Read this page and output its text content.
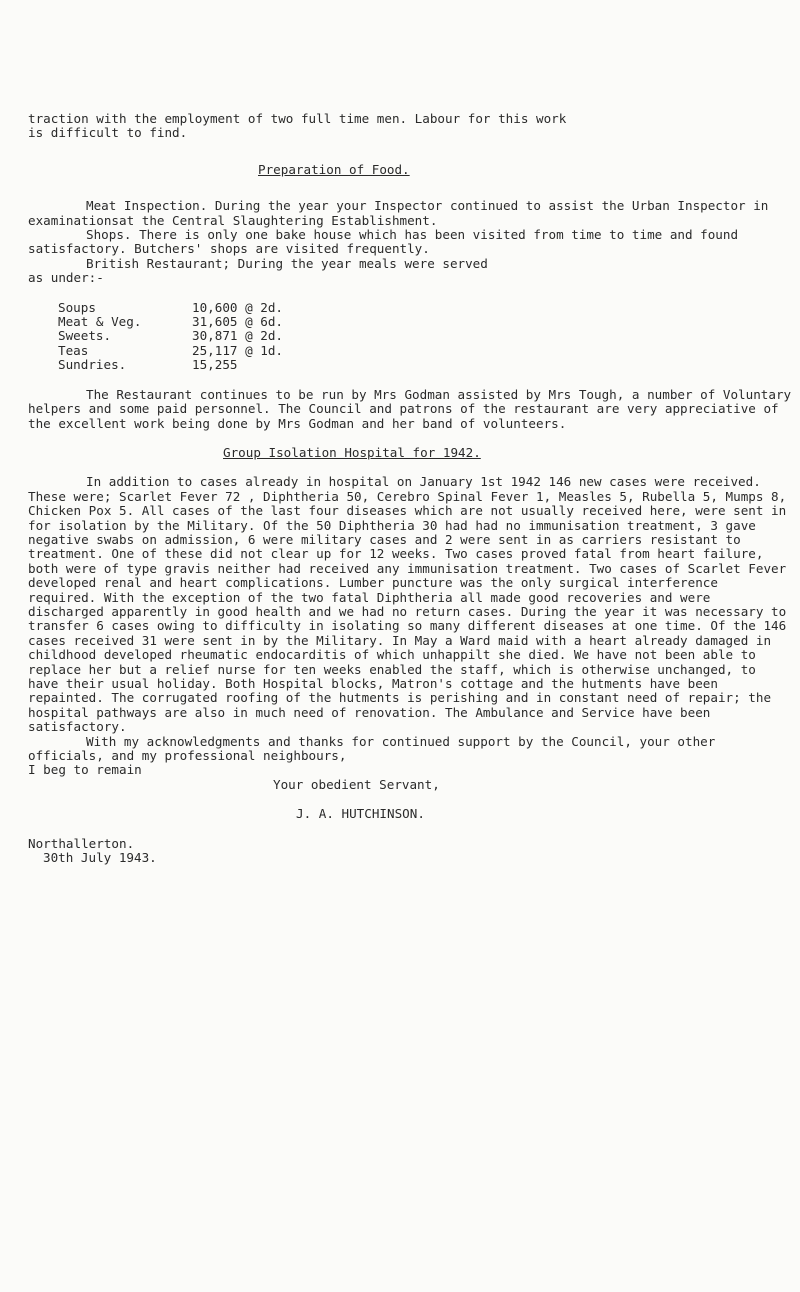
traction with the employment of two full time men. Labour for this work

is difficult to find.

Preparation of Food.

Meat Inspection. During the year your Inspector continued to assist the Urban Inspector in examinationsat the Central Slaughtering Establishment.

Shops. There is only one bake house which has been visited from time to time and found satisfactory. Butchers' shops are visited frequently.

British Restaurant; During the year meals were served

as under:-

Soups	10,600 @ 2d.
Meat & Veg.	31,605 @ 6d.
Sweets.	30,871 @ 2d.
Teas	25,117 @ 1d.
Sundries.	15,255

The Restaurant continues to be run by Mrs Godman assisted by Mrs Tough, a number of Voluntary helpers and some paid personnel. The Council and patrons of the restaurant are very appreciative of the excellent work being done by Mrs Godman and her band of volunteers.

Group Isolation Hospital for 1942.

In addition to cases already in hospital on January 1st 1942 146 new cases were received. These were; Scarlet Fever 72 , Diphtheria 50, Cerebro Spinal Fever 1, Measles 5, Rubella 5, Mumps 8, Chicken Pox 5. All cases of the last four diseases which are not usually received here, were sent in for isolation by the Military. Of the 50 Diphtheria 30 had had no immunisation treatment, 3 gave negative swabs on admission, 6 were military cases and 2 were sent in as carriers resistant to treatment. One of these did not clear up for 12 weeks. Two cases proved fatal from heart failure, both were of type gravis neither had received any immunisation treatment. Two cases of Scarlet Fever developed renal and heart complications. Lumber puncture was the only surgical interference required. With the exception of the two fatal Diphtheria all made good recoveries and were discharged apparently in good health and we had no return cases. During the year it was necessary to transfer 6 cases owing to difficulty in isolating so many different diseases at one time. Of the 146 cases received 31 were sent in by the Military. In May a Ward maid with a heart already damaged in childhood developed rheumatic endocarditis of which unhappilt she died. We have not been able to replace her but a relief nurse for ten weeks enabled the staff, which is otherwise unchanged, to have their usual holiday. Both Hospital blocks, Matron's cottage and the hutments have been repainted. The corrugated roofing of the hutments is perishing and in constant need of repair; the hospital pathways are also in much need of renovation. The Ambulance and Service have been satisfactory.

With my acknowledgments and thanks for continued support by the Council, your other officials, and my professional neighbours,

I beg to remain

Your obedient Servant,

J. A. HUTCHINSON.

Northallerton.

30th July 1943.
